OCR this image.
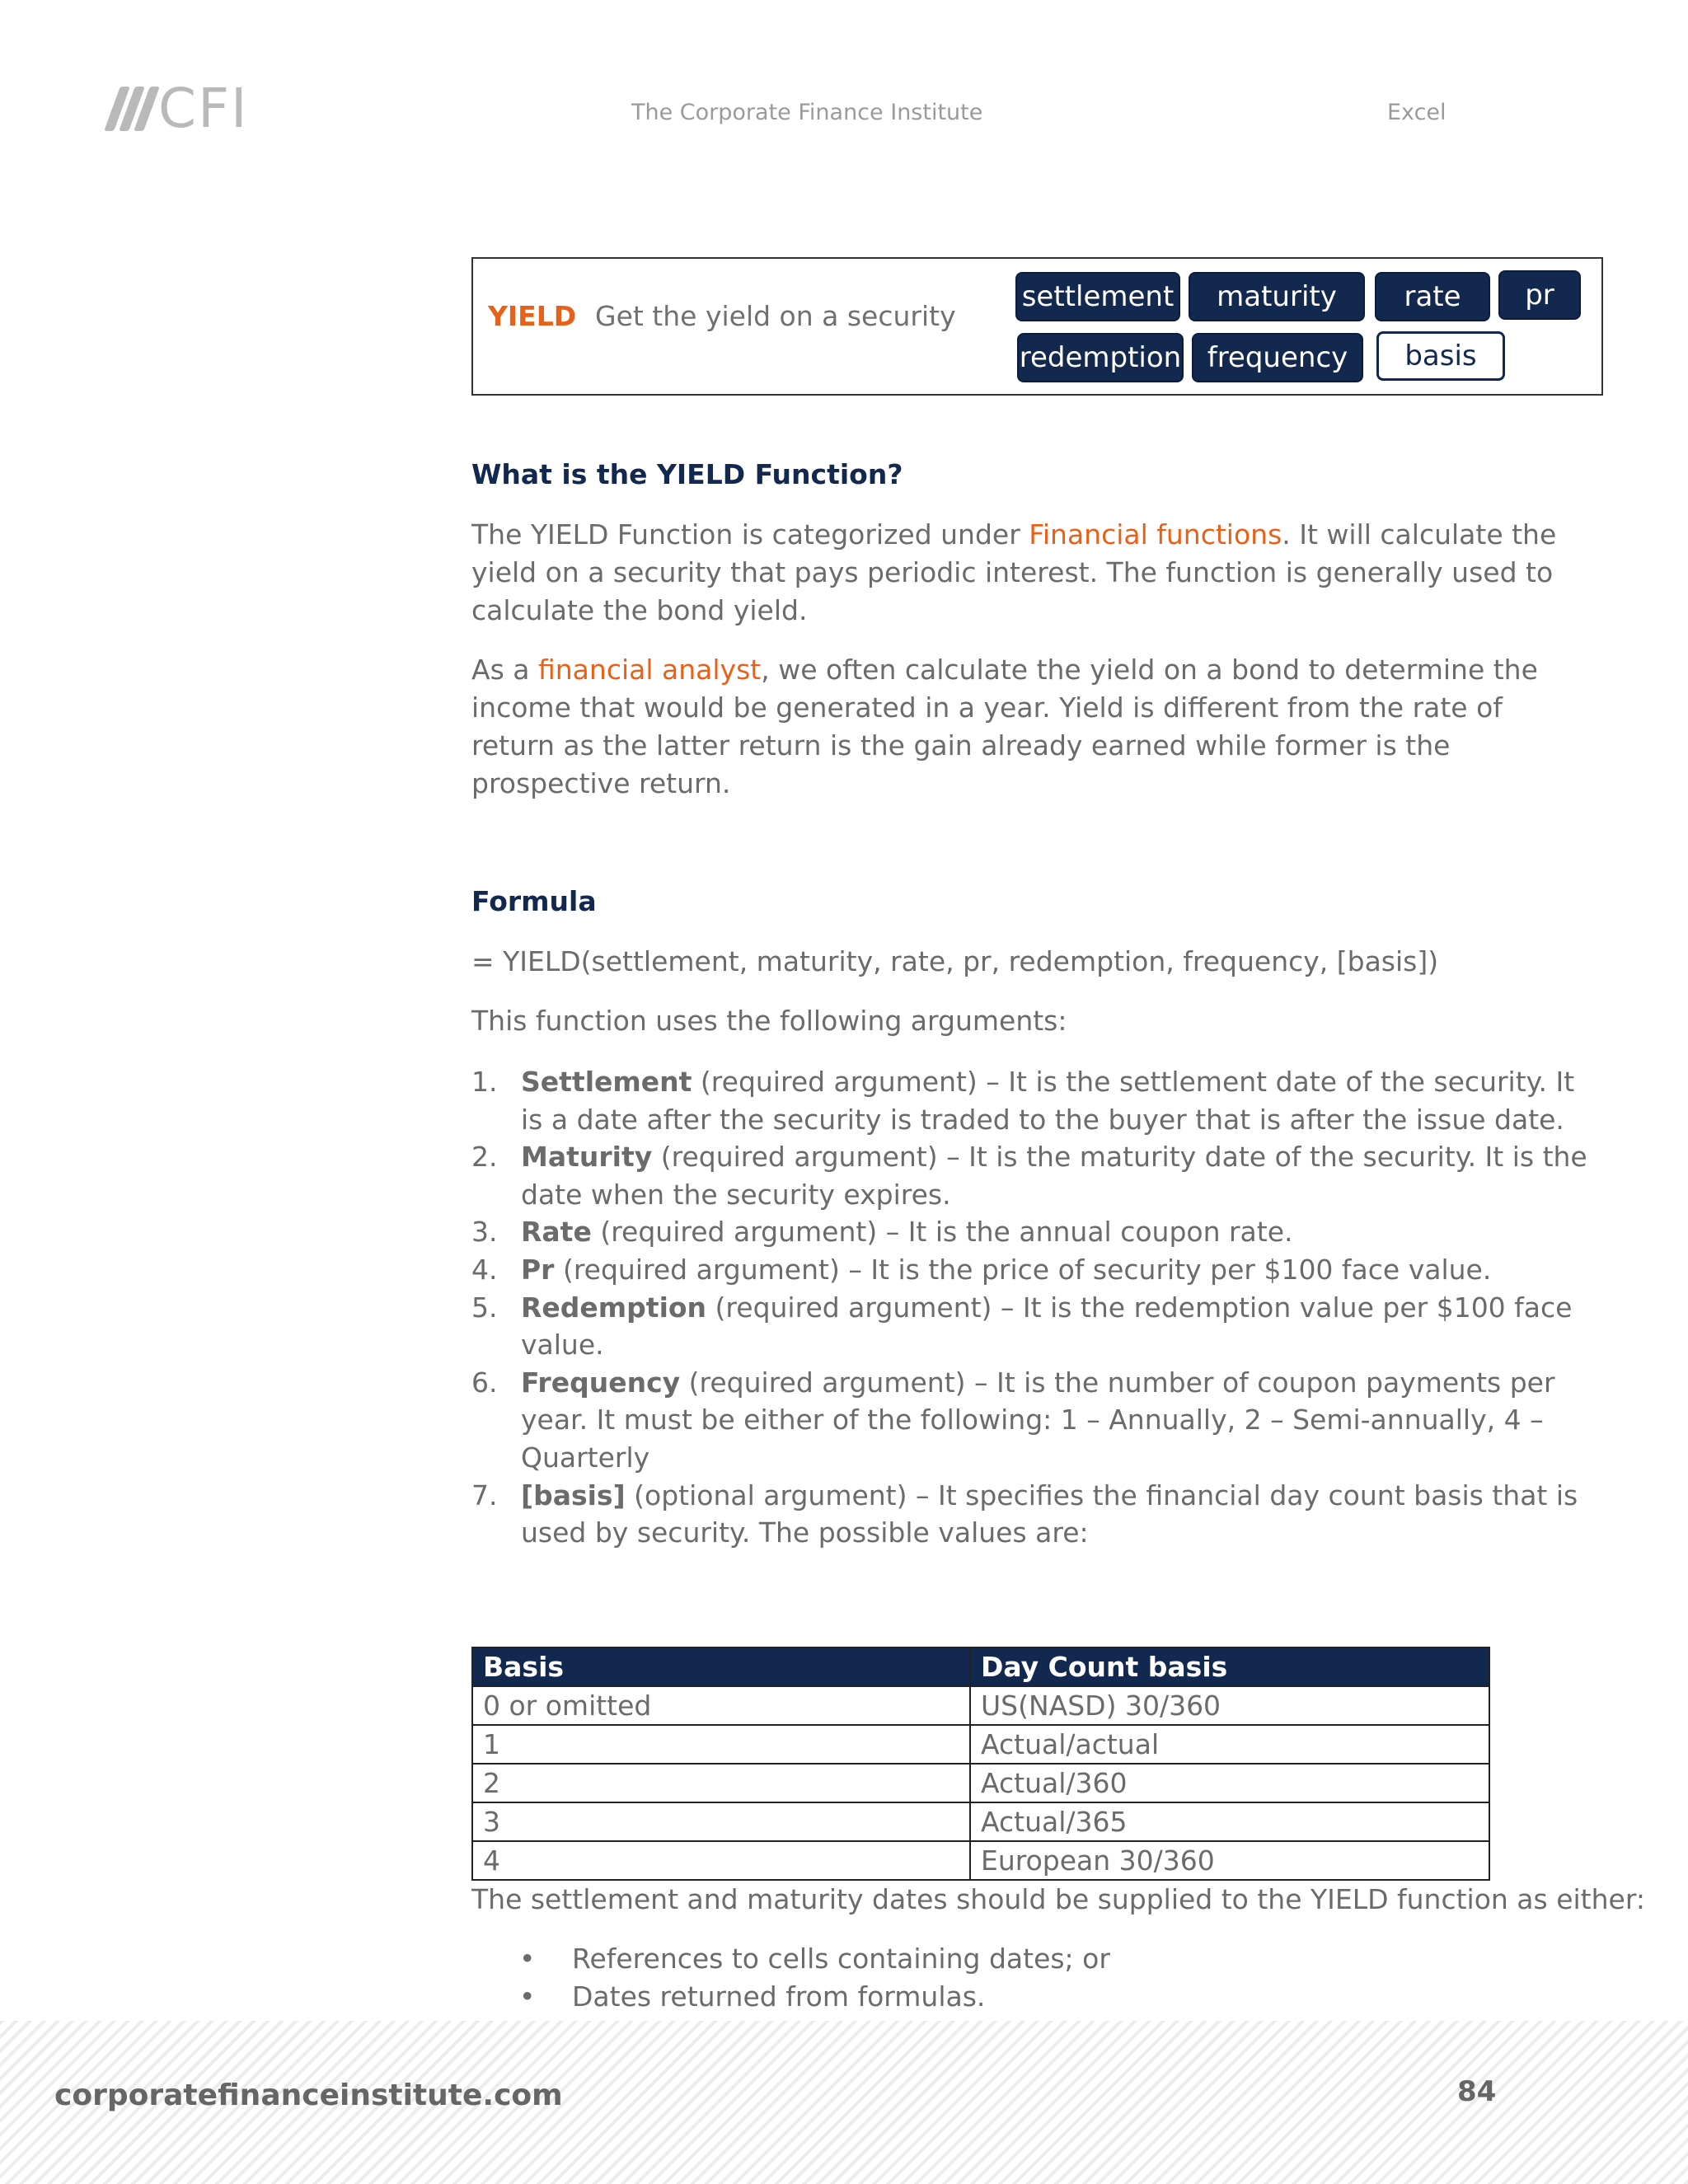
CFI	The Corporate Finance Institute	Excel
YIELD Get the yield on a security
settlement	maturity	rate	pr
redemption frequency	basis
What is the YIELD Function?

The YIELD Function is categorized under Financial functions. It will calculate the yield on a security that pays periodic interest. The function is generally used to calculate the bond yield.

As a financial analyst, we often calculate the yield on a bond to determine the income that would be generated in a year. Yield is different from the rate of return as the latter return is the gain already earned while former is the prospective return.

Formula

= YIELD(settlement, maturity, rate, pr, redemption, frequency, [basis])

This function uses the following arguments:

1. Settlement (required argument) – It is the settlement date of the security. It is a date after the security is traded to the buyer that is after the issue date.
2. Maturity (required argument) – It is the maturity date of the security. It is the date when the security expires.
3. Rate (required argument) – It is the annual coupon rate.
4. Pr (required argument) – It is the price of security per $100 face value.
5. Redemption (required argument) – It is the redemption value per $100 face value.
6. Frequency (required argument) – It is the number of coupon payments per year. It must be either of the following: 1 – Annually, 2 – Semi-annually, 4 – Quarterly
7. [basis] (optional argument) – It specifies the financial day count basis that is used by security. The possible values are:
Basis	Day Count basis
0 or omitted	US(NASD) 30/360
1	Actual/actual
2	Actual/360
3	Actual/365
4	European 30/360

The settlement and maturity dates should be supplied to the YIELD function as either:

• References to cells containing dates; or
• Dates returned from formulas.
corporatefinanceinstitute.com	84
